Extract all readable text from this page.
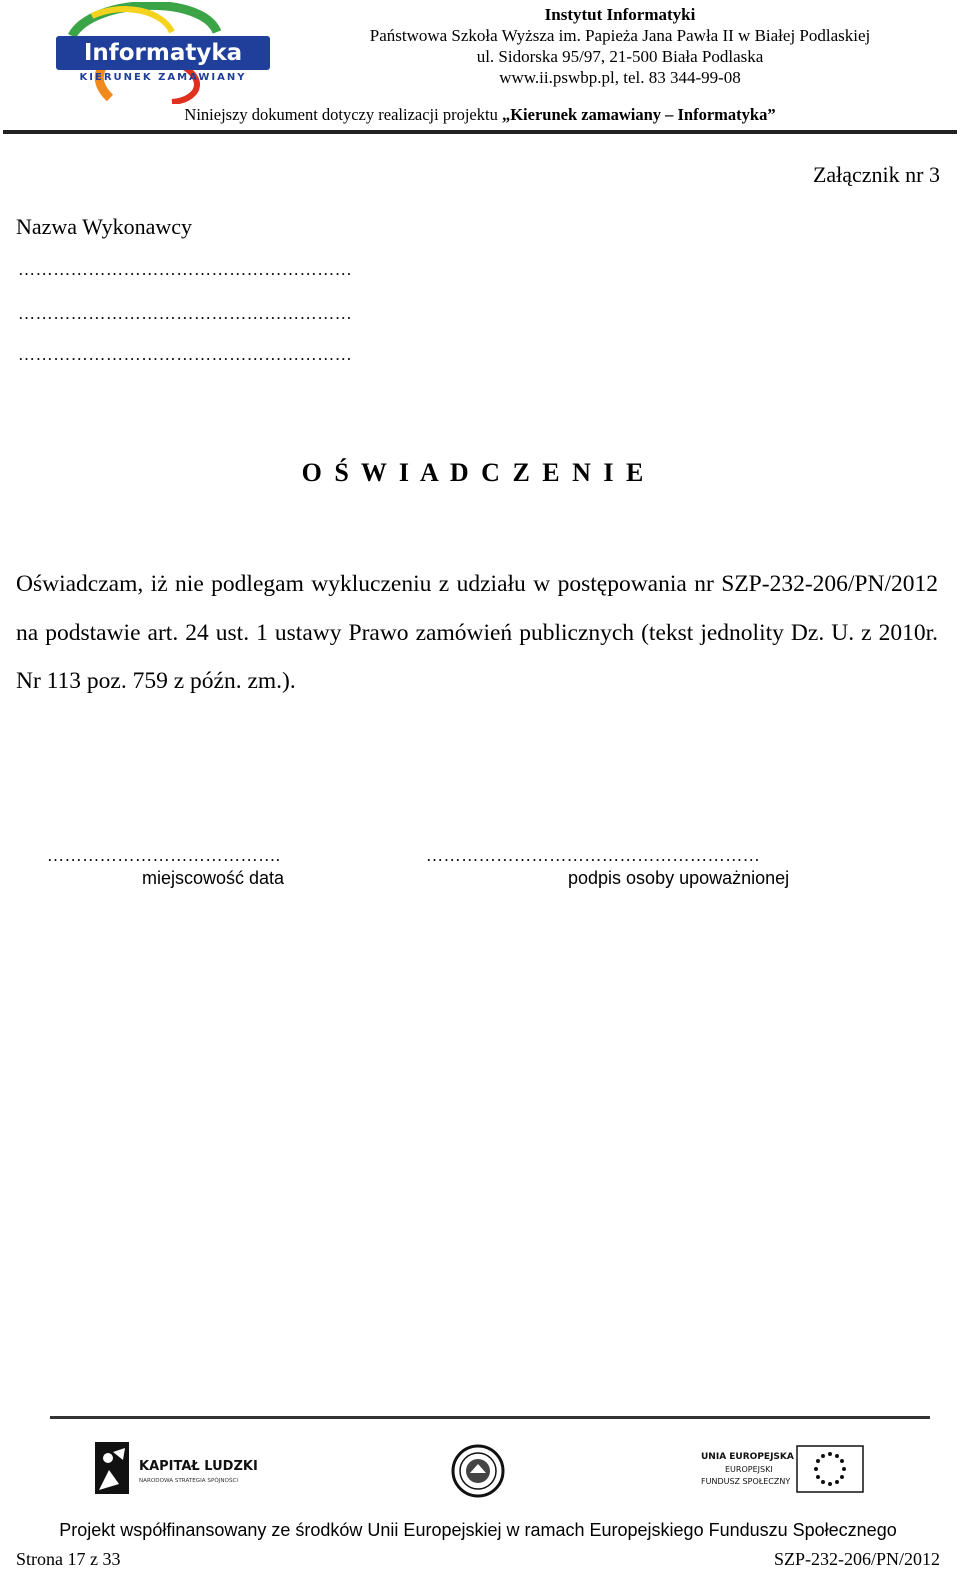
Informatyka
KIERUNEK ZAMAWIANY
Instytut Informatyki
Państwowa Szkoła Wyższa im. Papieża Jana Pawła II w Białej Podlaskiej
ul. Sidorska 95/97, 21-500 Biała Podlaska
www.ii.pswbp.pl, tel. 83 344-99-08
Niniejszy dokument dotyczy realizacji projektu „Kierunek zamawiany – Informatyka”
Załącznik nr 3
Nazwa Wykonawcy
…………………………………………………
…………………………………………………
…………………………………………………
O Ś W I A D C Z E N I E
Oświadczam, iż nie podlegam wykluczeniu z udziału w postępowania nr SZP-232-206/PN/2012 na podstawie art. 24 ust. 1 ustawy Prawo zamówień publicznych (tekst jednolity Dz. U. z 2010r. Nr 113 poz. 759 z późn. zm.).
………………………………….	…………………………………………………
miejscowość data	podpis osoby upoważnionej
KAPITAŁ LUDZKI
NARODOWA STRATEGIA SPÓJNOŚCI
UNIA EUROPEJSKA
EUROPEJSKI
FUNDUSZ SPOŁECZNY
Projekt współfinansowany ze środków Unii Europejskiej w ramach Europejskiego Funduszu Społecznego
Strona 17 z 33	SZP-232-206/PN/2012
